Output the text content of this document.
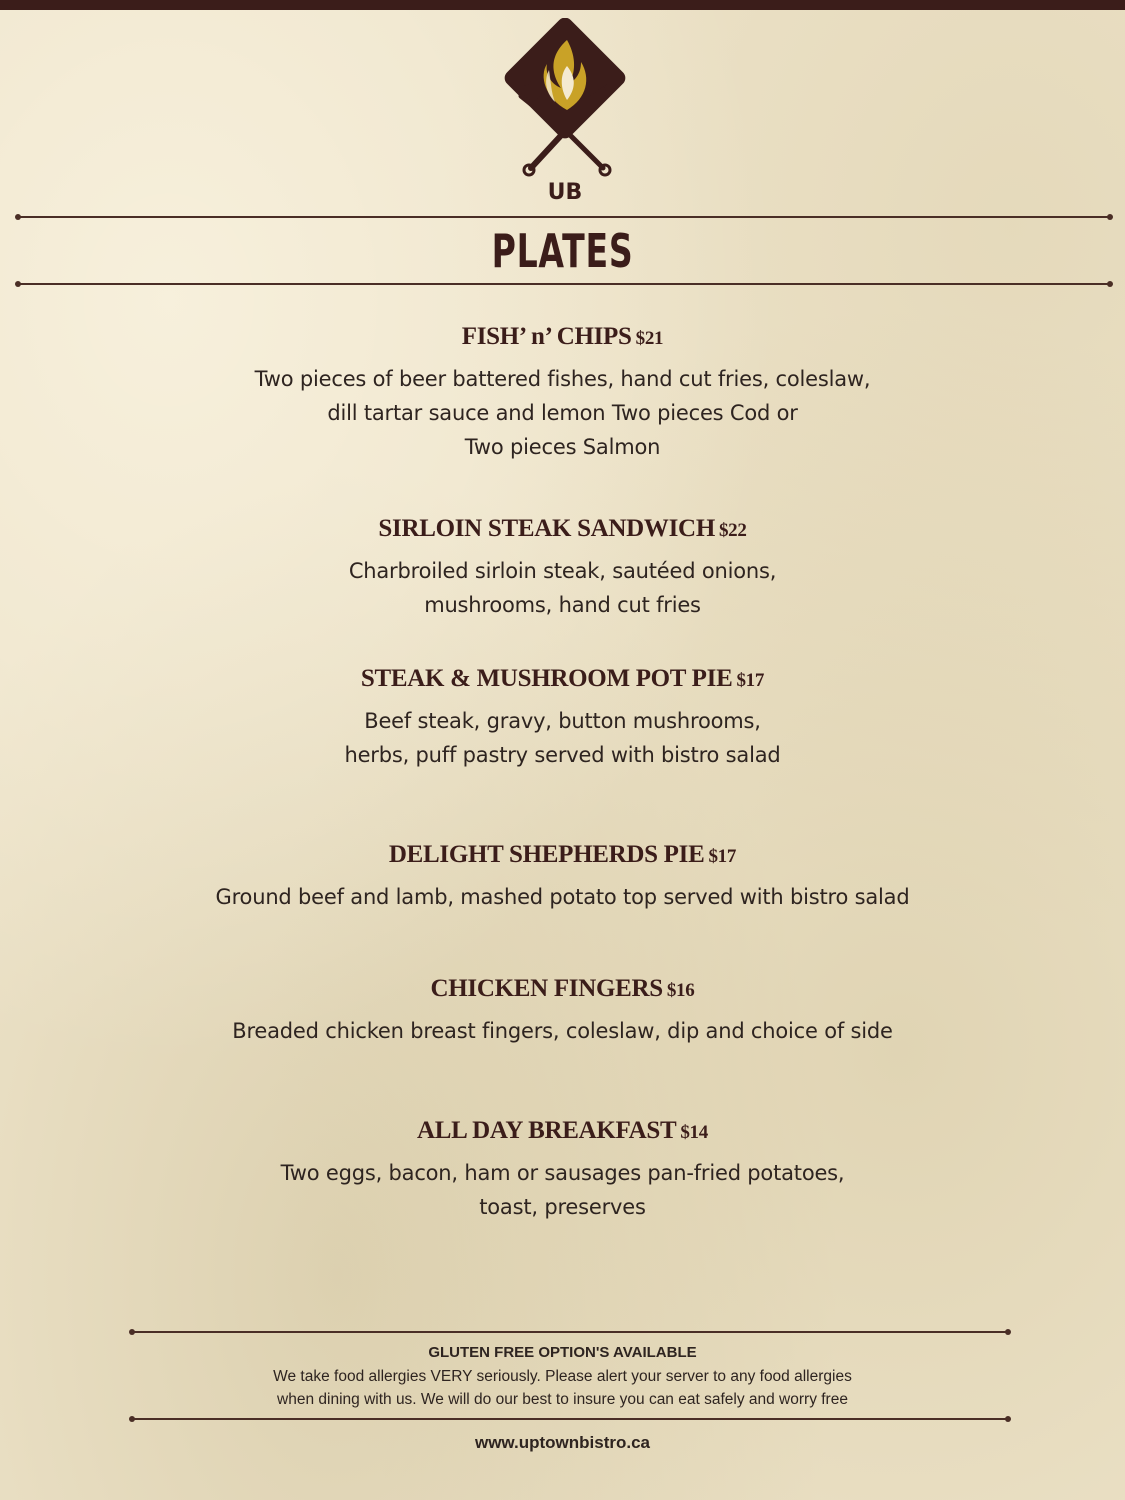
UB
PLATES
FISH’ n’ CHIPS $21
Two pieces of beer battered fishes, hand cut fries, coleslaw,
dill tartar sauce and lemon Two pieces Cod or
Two pieces Salmon
SIRLOIN STEAK SANDWICH $22
Charbroiled sirloin steak, sautéed onions,
mushrooms, hand cut fries
STEAK & MUSHROOM POT PIE $17
Beef steak, gravy, button mushrooms,
herbs, puff pastry served with bistro salad
DELIGHT SHEPHERDS PIE $17
Ground beef and lamb, mashed potato top served with bistro salad
CHICKEN FINGERS $16
Breaded chicken breast fingers, coleslaw, dip and choice of side
ALL DAY BREAKFAST $14
Two eggs, bacon, ham or sausages pan-fried potatoes,
toast, preserves
GLUTEN FREE OPTION'S AVAILABLE
We take food allergies VERY seriously. Please alert your server to any food allergies
when dining with us. We will do our best to insure you can eat safely and worry free
www.uptownbistro.ca
